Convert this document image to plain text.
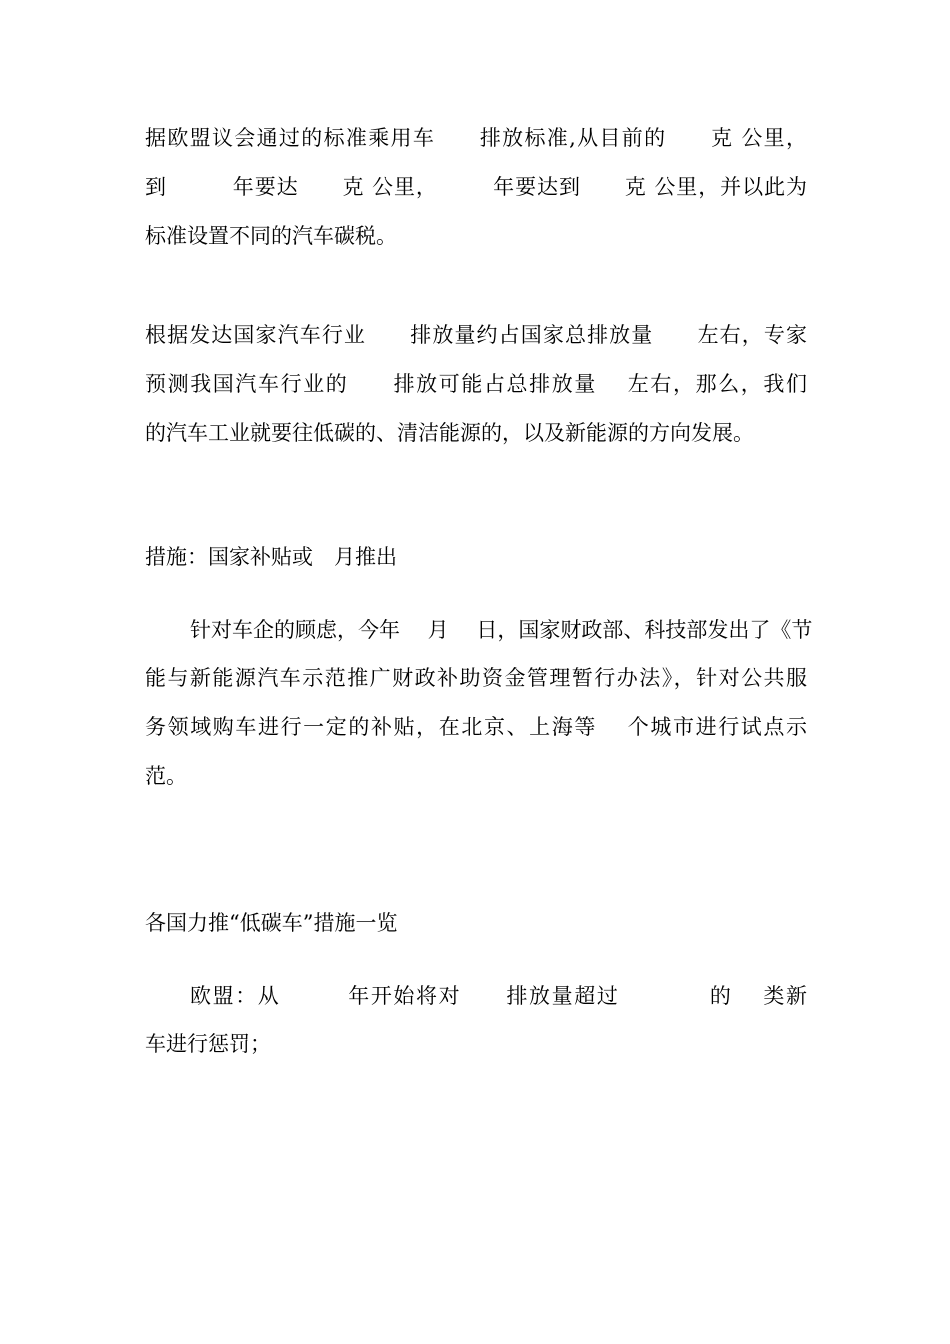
据欧盟议会通过的标准乘用车　　排放标准,从目前的　　克 公里，
到　　　年要达　　克 公里，　　　年要达到　　克 公里，并以此为
标准设置不同的汽车碳税。
根据发达国家汽车行业　　排放量约占国家总排放量　　左右，专家
预测我国汽车行业的　　排放可能占总排放量　 左右，那么，我们
的汽车工业就要往低碳的、清洁能源的，以及新能源的方向发展。
措施：国家补贴或　月推出
针对车企的顾虑，今年　 月　 日，国家财政部、科技部发出了《节
能与新能源汽车示范推广财政补助资金管理暂行办法》，针对公共服
务领域购车进行一定的补贴，在北京、上海等　 个城市进行试点示
范。
各国力推“低碳车”措施一览
欧盟：从　　　年开始将对　　排放量超过　　　　的　 类新
车进行惩罚；
